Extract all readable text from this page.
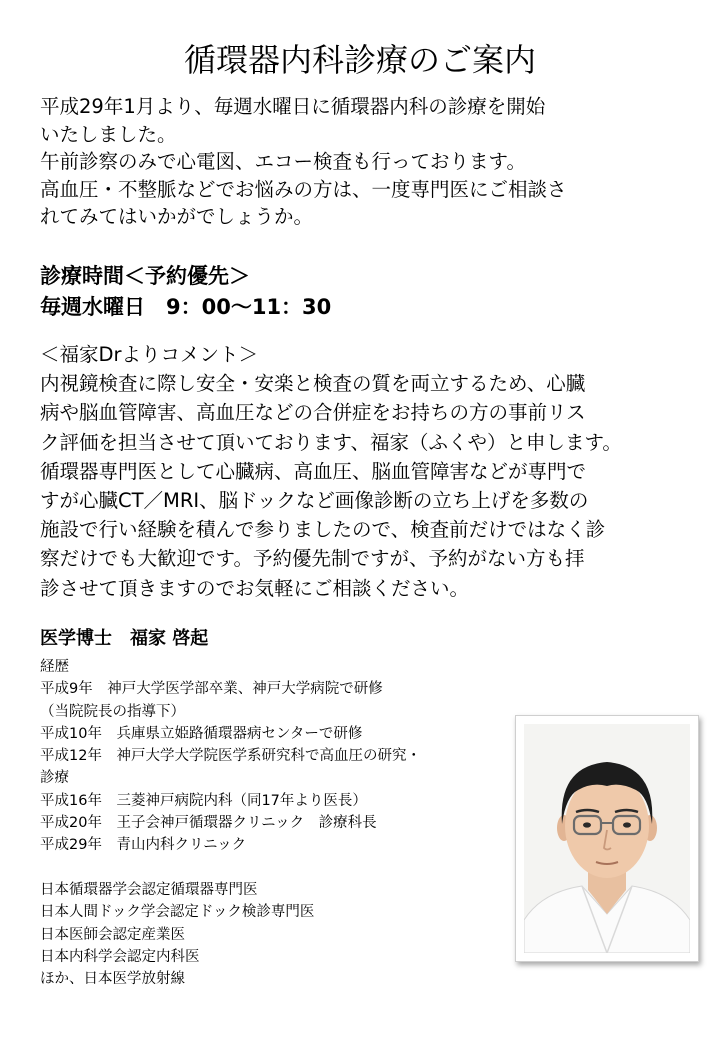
循環器内科診療のご案内
平成29年1月より、毎週水曜日に循環器内科の診療を開始
いたしました。
午前診察のみで心電図、エコー検査も行っております。
高血圧・不整脈などでお悩みの方は、一度専門医にご相談さ
れてみてはいかがでしょうか。
診療時間＜予約優先＞
毎週水曜日　9：00～11：30
＜福家Drよりコメント＞
内視鏡検査に際し安全・安楽と検査の質を両立するため、心臓
病や脳血管障害、高血圧などの合併症をお持ちの方の事前リス
ク評価を担当させて頂いております、福家（ふくや）と申します。
循環器専門医として心臓病、高血圧、脳血管障害などが専門で
すが心臓CT／MRI、脳ドックなど画像診断の立ち上げを多数の
施設で行い経験を積んで参りましたので、検査前だけではなく診
察だけでも大歓迎です。予約優先制ですが、予約がない方も拝
診させて頂きますのでお気軽にご相談ください。
医学博士　福家 啓起
経歴
平成9年　神戸大学医学部卒業、神戸大学病院で研修
（当院院長の指導下）
平成10年　兵庫県立姫路循環器病センターで研修
平成12年　神戸大学大学院医学系研究科で高血圧の研究・
診療
平成16年　三菱神戸病院内科（同17年より医長）
平成20年　王子会神戸循環器クリニック　診療科長
平成29年　青山内科クリニック
日本循環器学会認定循環器専門医
日本人間ドック学会認定ドック検診専門医
日本医師会認定産業医
日本内科学会認定内科医
ほか、日本医学放射線
